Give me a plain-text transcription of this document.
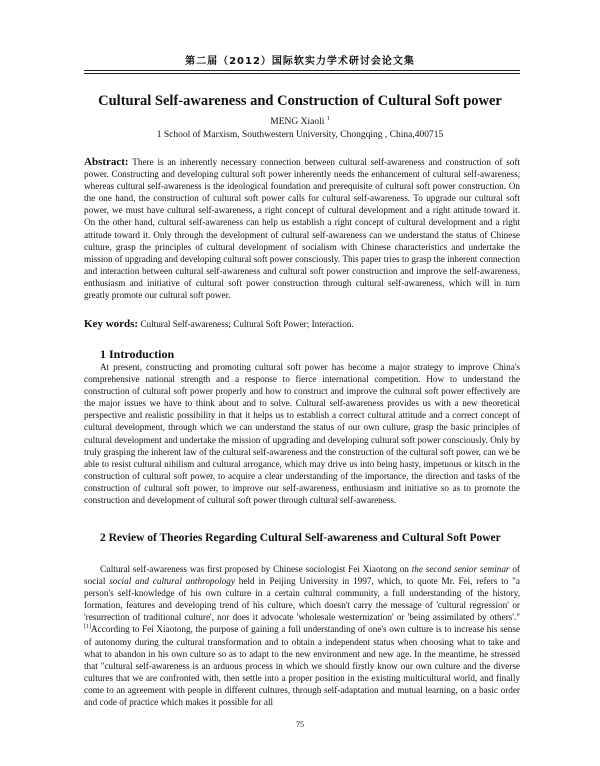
第二届（2012）国际软实力学术研讨会论文集
Cultural Self-awareness and Construction of Cultural Soft power
MENG Xiaoli $^1$
1 School of Marxism, Southwestern University, Chongqing , China,400715
Abstract: There is an inherently necessary connection between cultural self-awareness and construction of soft power. Constructing and developing cultural soft power inherently needs the enhancement of cultural self-awareness, whereas cultural self-awareness is the ideological foundation and prerequisite of cultural soft power construction. On the one hand, the construction of cultural soft power calls for cultural self-awareness. To upgrade our cultural soft power, we must have cultural self-awareness, a right concept of cultural development and a right attitude toward it. On the other hand, cultural self-awareness can help us establish a right concept of cultural development and a right attitude toward it. Only through the development of cultural self-awareness can we understand the status of Chinese culture, grasp the principles of cultural development of socialism with Chinese characteristics and undertake the mission of upgrading and developing cultural soft power consciously. This paper tries to grasp the inherent connection and interaction between cultural self-awareness and cultural soft power construction and improve the self-awareness, enthusiasm and initiative of cultural soft power construction through cultural self-awareness, which will in turn greatly promote our cultural soft power.
Key words: Cultural Self-awareness; Cultural Soft Power; Interaction.
1 Introduction
At present, constructing and promoting cultural soft power has become a major strategy to improve China's comprehensive national strength and a response to fierce international competition. How to understand the construction of cultural soft power properly and how to construct and improve the cultural soft power effectively are the major issues we have to think about and to solve. Cultural self-awareness provides us with a new theoretical perspective and realistic possibility in that it helps us to establish a correct cultural attitude and a correct concept of cultural development, through which we can understand the status of our own culture, grasp the basic principles of cultural development and undertake the mission of upgrading and developing cultural soft power consciously. Only by truly grasping the inherent law of the cultural self-awareness and the construction of the cultural soft power, can we be able to resist cultural nihilism and cultural arrogance, which may drive us into being hasty, impetuous or kitsch in the construction of cultural soft power, to acquire a clear understanding of the importance, the direction and tasks of the construction of cultural soft power, to improve our self-awareness, enthusiasm and initiative so as to promote the construction and development of cultural soft power through cultural self-awareness.
2 Review of Theories Regarding Cultural Self-awareness and Cultural Soft Power
Cultural self-awareness was first proposed by Chinese sociologist Fei Xiaotong on the second senior seminar of social social and cultural anthropology held in Peijing University in 1997, which, to quote Mr. Fei, refers to "a person's self-knowledge of his own culture in a certain cultural community, a full understanding of the history, formation, features and developing trend of his culture, which doesn't carry the message of 'cultural regression' or 'resurrection of traditional culture', nor does it advocate 'wholesale westernization' or 'being assimilated by others'."[1]According to Fei Xiaotong, the purpose of gaining a full understanding of one's own culture is to increase his sense of autonomy during the cultural transformation and to obtain a independent status when choosing what to take and what to abandon in his own culture so as to adapt to the new environment and new age. In the meantime, he stressed that "cultural self-awareness is an arduous process in which we should firstly know our own culture and the diverse cultures that we are confronted with, then settle into a proper position in the existing multicultural world, and finally come to an agreement with people in different cultures, through self-adaptation and mutual learning, on a basic order and code of practice which makes it possible for all
75
